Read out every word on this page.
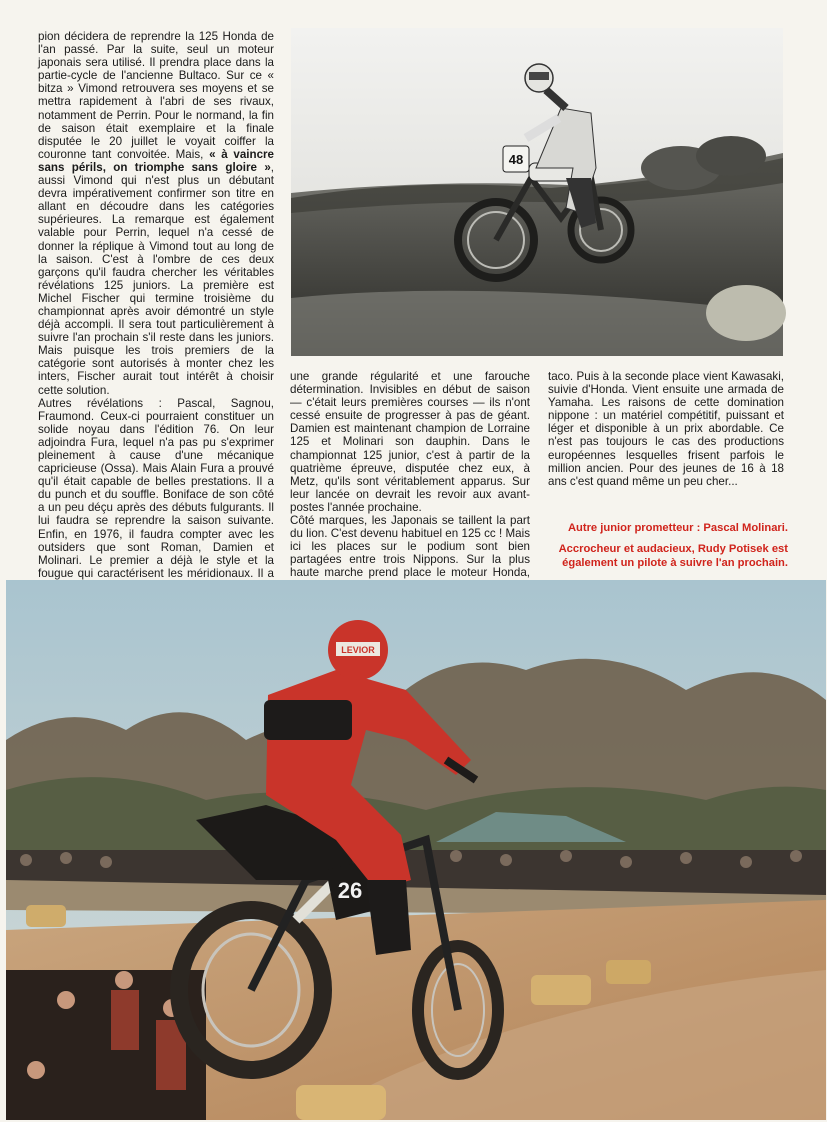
pion décidera de reprendre la 125 Honda de l'an passé. Par la suite, seul un moteur japonais sera utilisé. Il prendra place dans la partie-cycle de l'ancienne Bultaco. Sur ce « bitza » Vimond retrouvera ses moyens et se mettra rapidement à l'abri de ses rivaux, notamment de Perrin. Pour le normand, la fin de saison était exemplaire et la finale disputée le 20 juillet le voyait coiffer la couronne tant convoitée. Mais, « à vaincre sans périls, on triomphe sans gloire », aussi Vimond qui n'est plus un débutant devra impérativement confirmer son titre en allant en découdre dans les catégories supérieures. La remarque est également valable pour Perrin, lequel n'a cessé de donner la réplique à Vimond tout au long de la saison. C'est à l'ombre de ces deux garçons qu'il faudra chercher les véritables révélations 125 juniors. La première est Michel Fischer qui termine troisième du championnat après avoir démontré un style déjà accompli. Il sera tout particulièrement à suivre l'an prochain s'il reste dans les juniors. Mais puisque les trois premiers de la catégorie sont autorisés à monter chez les inters, Fischer aurait tout intérêt à choisir cette solution.

Autres révélations : Pascal, Sagnou, Fraumond. Ceux-ci pourraient constituer un solide noyau dans l'édition 76. On leur adjoindra Fura, lequel n'a pas pu s'exprimer pleinement à cause d'une mécanique capricieuse (Ossa). Mais Alain Fura a prouvé qu'il était capable de belles prestations. Il a du punch et du souffle. Boniface de son côté a un peu déçu après des débuts fulgurants. Il lui faudra se reprendre la saison suivante. Enfin, en 1976, il faudra compter avec les outsiders que sont Roman, Damien et Molinari. Le premier a déjà le style et la fougue qui caractérisent les méridionaux. Il a

48

une grande régularité et une farouche détermination. Invisibles en début de saison — c'était leurs premières courses — ils n'ont cessé ensuite de progresser à pas de géant. Damien est maintenant champion de Lorraine 125 et Molinari son dauphin. Dans le championnat 125 junior, c'est à partir de la quatrième épreuve, disputée chez eux, à Metz, qu'ils sont véritablement apparus. Sur leur lancée on devrait les revoir aux avant-postes l'année prochaine.

Côté marques, les Japonais se taillent la part du lion. C'est devenu habituel en 125 cc ! Mais ici les places sur le podium sont bien partagées entre trois Nippons. Sur la plus haute marche prend place le moteur Honda,

taco. Puis à la seconde place vient Kawasaki, suivie d'Honda. Vient ensuite une armada de Yamaha. Les raisons de cette domination nippone : un matériel compétitif, puissant et léger et disponible à un prix abordable. Ce n'est pas toujours le cas des productions européennes lesquelles frisent parfois le million ancien. Pour des jeunes de 16 à 18 ans c'est quand même un peu cher...

Autre junior prometteur : Pascal Molinari.
Accrocheur et audacieux, Rudy Potisek est également un pilote à suivre l'an prochain.
26
LEVIOR
